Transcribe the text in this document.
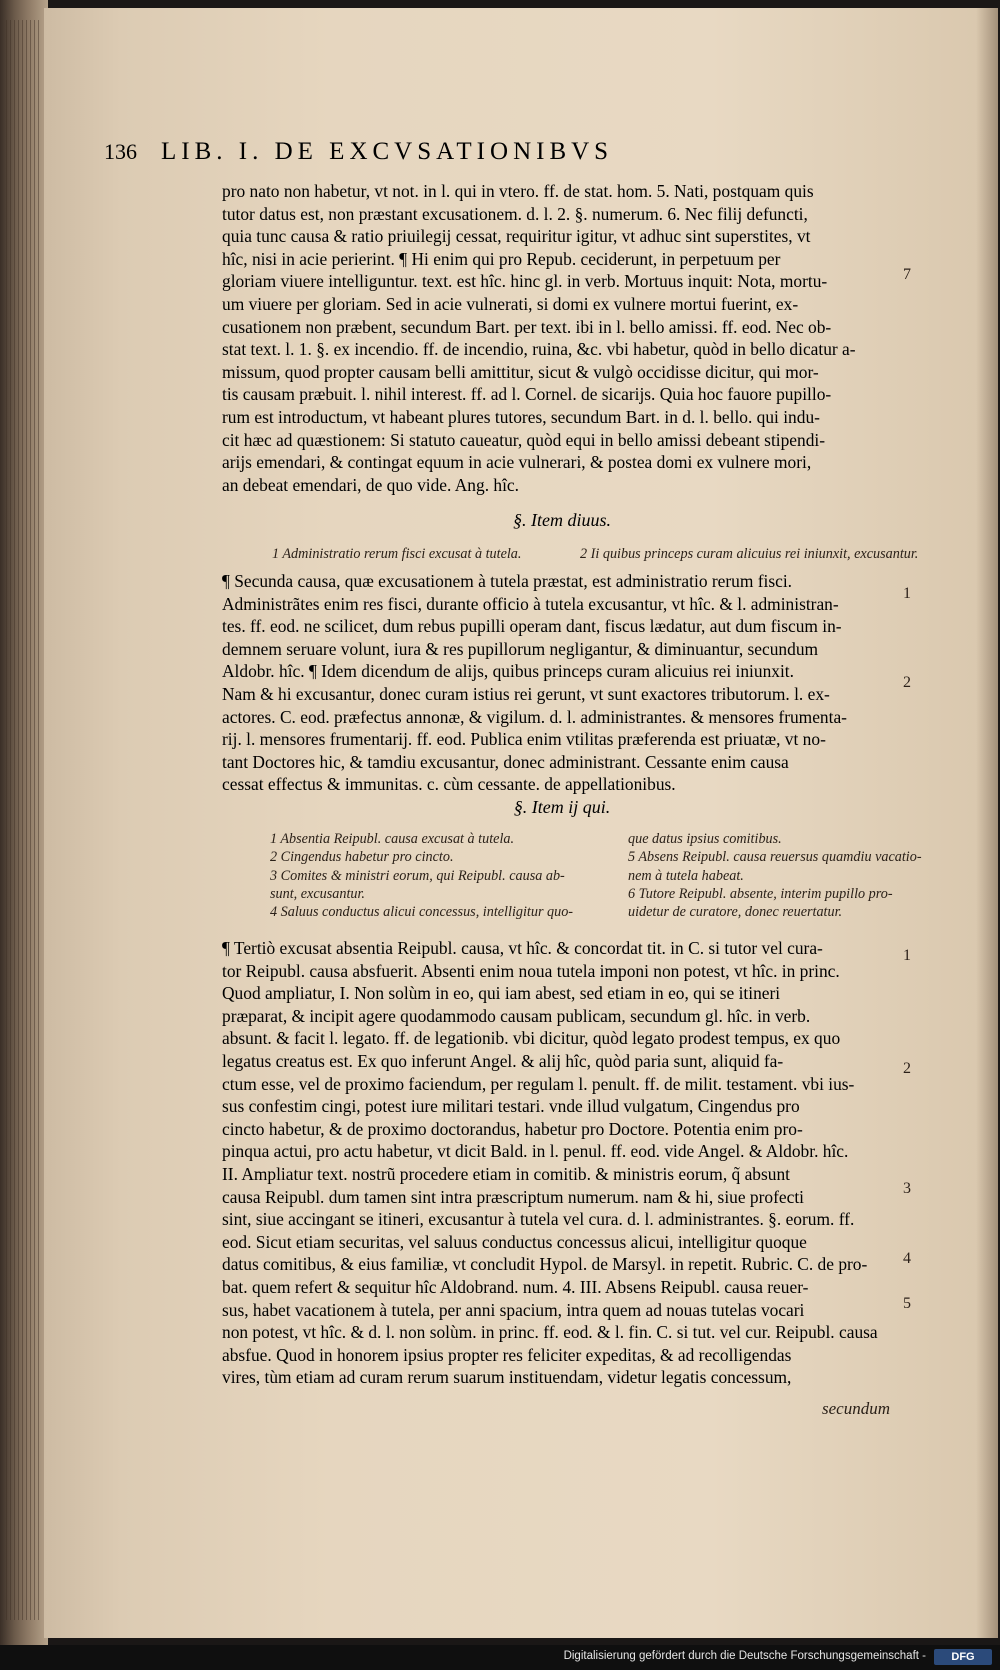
136 LIB. I. DE EXCVSATIONIBVS
pro nato non habetur, vt not. in l. qui in vtero. ff. de stat. hom. 5. Nati, postquam quis
tutor datus est, non præstant excusationem. d. l. 2. §. numerum. 6. Nec filij defuncti,
quia tunc causa & ratio priuilegij cessat, requiritur igitur, vt adhuc sint superstites, vt
hîc, nisi in acie perierint. ¶ Hi enim qui pro Repub. ceciderunt, in perpetuum per
gloriam viuere intelliguntur. text. est hîc. hinc gl. in verb. Mortuus inquit: Nota, mortu-
um viuere per gloriam. Sed in acie vulnerati, si domi ex vulnere mortui fuerint, ex-
cusationem non præbent, secundum Bart. per text. ibi in l. bello amissi. ff. eod. Nec ob-
stat text. l. 1. §. ex incendio. ff. de incendio, ruina, &c. vbi habetur, quòd in bello dicatur a-
missum, quod propter causam belli amittitur, sicut & vulgò occidisse dicitur, qui mor-
tis causam præbuit. l. nihil interest. ff. ad l. Cornel. de sicarijs. Quia hoc fauore pupillo-
rum est introductum, vt habeant plures tutores, secundum Bart. in d. l. bello. qui indu-
cit hæc ad quæstionem: Si statuto caueatur, quòd equi in bello amissi debeant stipendi-
arijs emendari, & contingat equum in acie vulnerari, & postea domi ex vulnere mori,
an debeat emendari, de quo vide. Ang. hîc.
§. Item diuus.
1 Administratio rerum fisci excusat à tutela.	2 Ii quibus princeps curam alicuius rei iniunxit, excusantur.
¶ Secunda causa, quæ excusationem à tutela præstat, est administratio rerum fisci.
Administrãtes enim res fisci, durante officio à tutela excusantur, vt hîc. & l. administran-
tes. ff. eod. ne scilicet, dum rebus pupilli operam dant, fiscus lædatur, aut dum fiscum in-
demnem seruare volunt, iura & res pupillorum negligantur, & diminuantur, secundum
Aldobr. hîc. ¶ Idem dicendum de alijs, quibus princeps curam alicuius rei iniunxit.
Nam & hi excusantur, donec curam istius rei gerunt, vt sunt exactores tributorum. l. ex-
actores. C. eod. præfectus annonæ, & vigilum. d. l. administrantes. & mensores frumenta-
rij. l. mensores frumentarij. ff. eod. Publica enim vtilitas præferenda est priuatæ, vt no-
tant Doctores hic, & tamdiu excusantur, donec administrant. Cessante enim causa
cessat effectus & immunitas. c. cùm cessante. de appellationibus.
§. Item ij qui.
1 Absentia Reipubl. causa excusat à tutela.
2 Cingendus habetur pro cincto.
3 Comites & ministri eorum, qui Reipubl. causa ab-
sunt, excusantur.
4 Saluus conductus alicui concessus, intelligitur quo-
que datus ipsius comitibus.
5 Absens Reipubl. causa reuersus quamdiu vacatio-
nem à tutela habeat.
6 Tutore Reipubl. absente, interim pupillo pro-
uidetur de curatore, donec reuertatur.
¶ Tertiò excusat absentia Reipubl. causa, vt hîc. & concordat tit. in C. si tutor vel cura-
tor Reipubl. causa absfuerit. Absenti enim noua tutela imponi non potest, vt hîc. in princ.
Quod ampliatur, I. Non solùm in eo, qui iam abest, sed etiam in eo, qui se itineri
præparat, & incipit agere quodammodo causam publicam, secundum gl. hîc. in verb.
absunt. & facit l. legato. ff. de legationib. vbi dicitur, quòd legato prodest tempus, ex quo
legatus creatus est. Ex quo inferunt Angel. & alij hîc, quòd paria sunt, aliquid fa-
ctum esse, vel de proximo faciendum, per regulam l. penult. ff. de milit. testament. vbi ius-
sus confestim cingi, potest iure militari testari. vnde illud vulgatum, Cingendus pro
cincto habetur, & de proximo doctorandus, habetur pro Doctore. Potentia enim pro-
pinqua actui, pro actu habetur, vt dicit Bald. in l. penul. ff. eod. vide Angel. & Aldobr. hîc.
II. Ampliatur text. nostrũ procedere etiam in comitib. & ministris eorum, q̃ absunt
causa Reipubl. dum tamen sint intra præscriptum numerum. nam & hi, siue profecti
sint, siue accingant se itineri, excusantur à tutela vel cura. d. l. administrantes. §. eorum. ff.
eod. Sicut etiam securitas, vel saluus conductus concessus alicui, intelligitur quoque
datus comitibus, & eius familiæ, vt concludit Hypol. de Marsyl. in repetit. Rubric. C. de pro-
bat. quem refert & sequitur hîc Aldobrand. num. 4. III. Absens Reipubl. causa reuer-
sus, habet vacationem à tutela, per anni spacium, intra quem ad nouas tutelas vocari
non potest, vt hîc. & d. l. non solùm. in princ. ff. eod. & l. fin. C. si tut. vel cur. Reipubl. causa
absfue. Quod in honorem ipsius propter res feliciter expeditas, & ad recolligendas
vires, tùm etiam ad curam rerum suarum instituendam, videtur legatis concessum,
secundum
7
1
2
1
2
3
4
5
Digitalisierung gefördert durch die Deutsche Forschungsgemeinschaft -	DFG
